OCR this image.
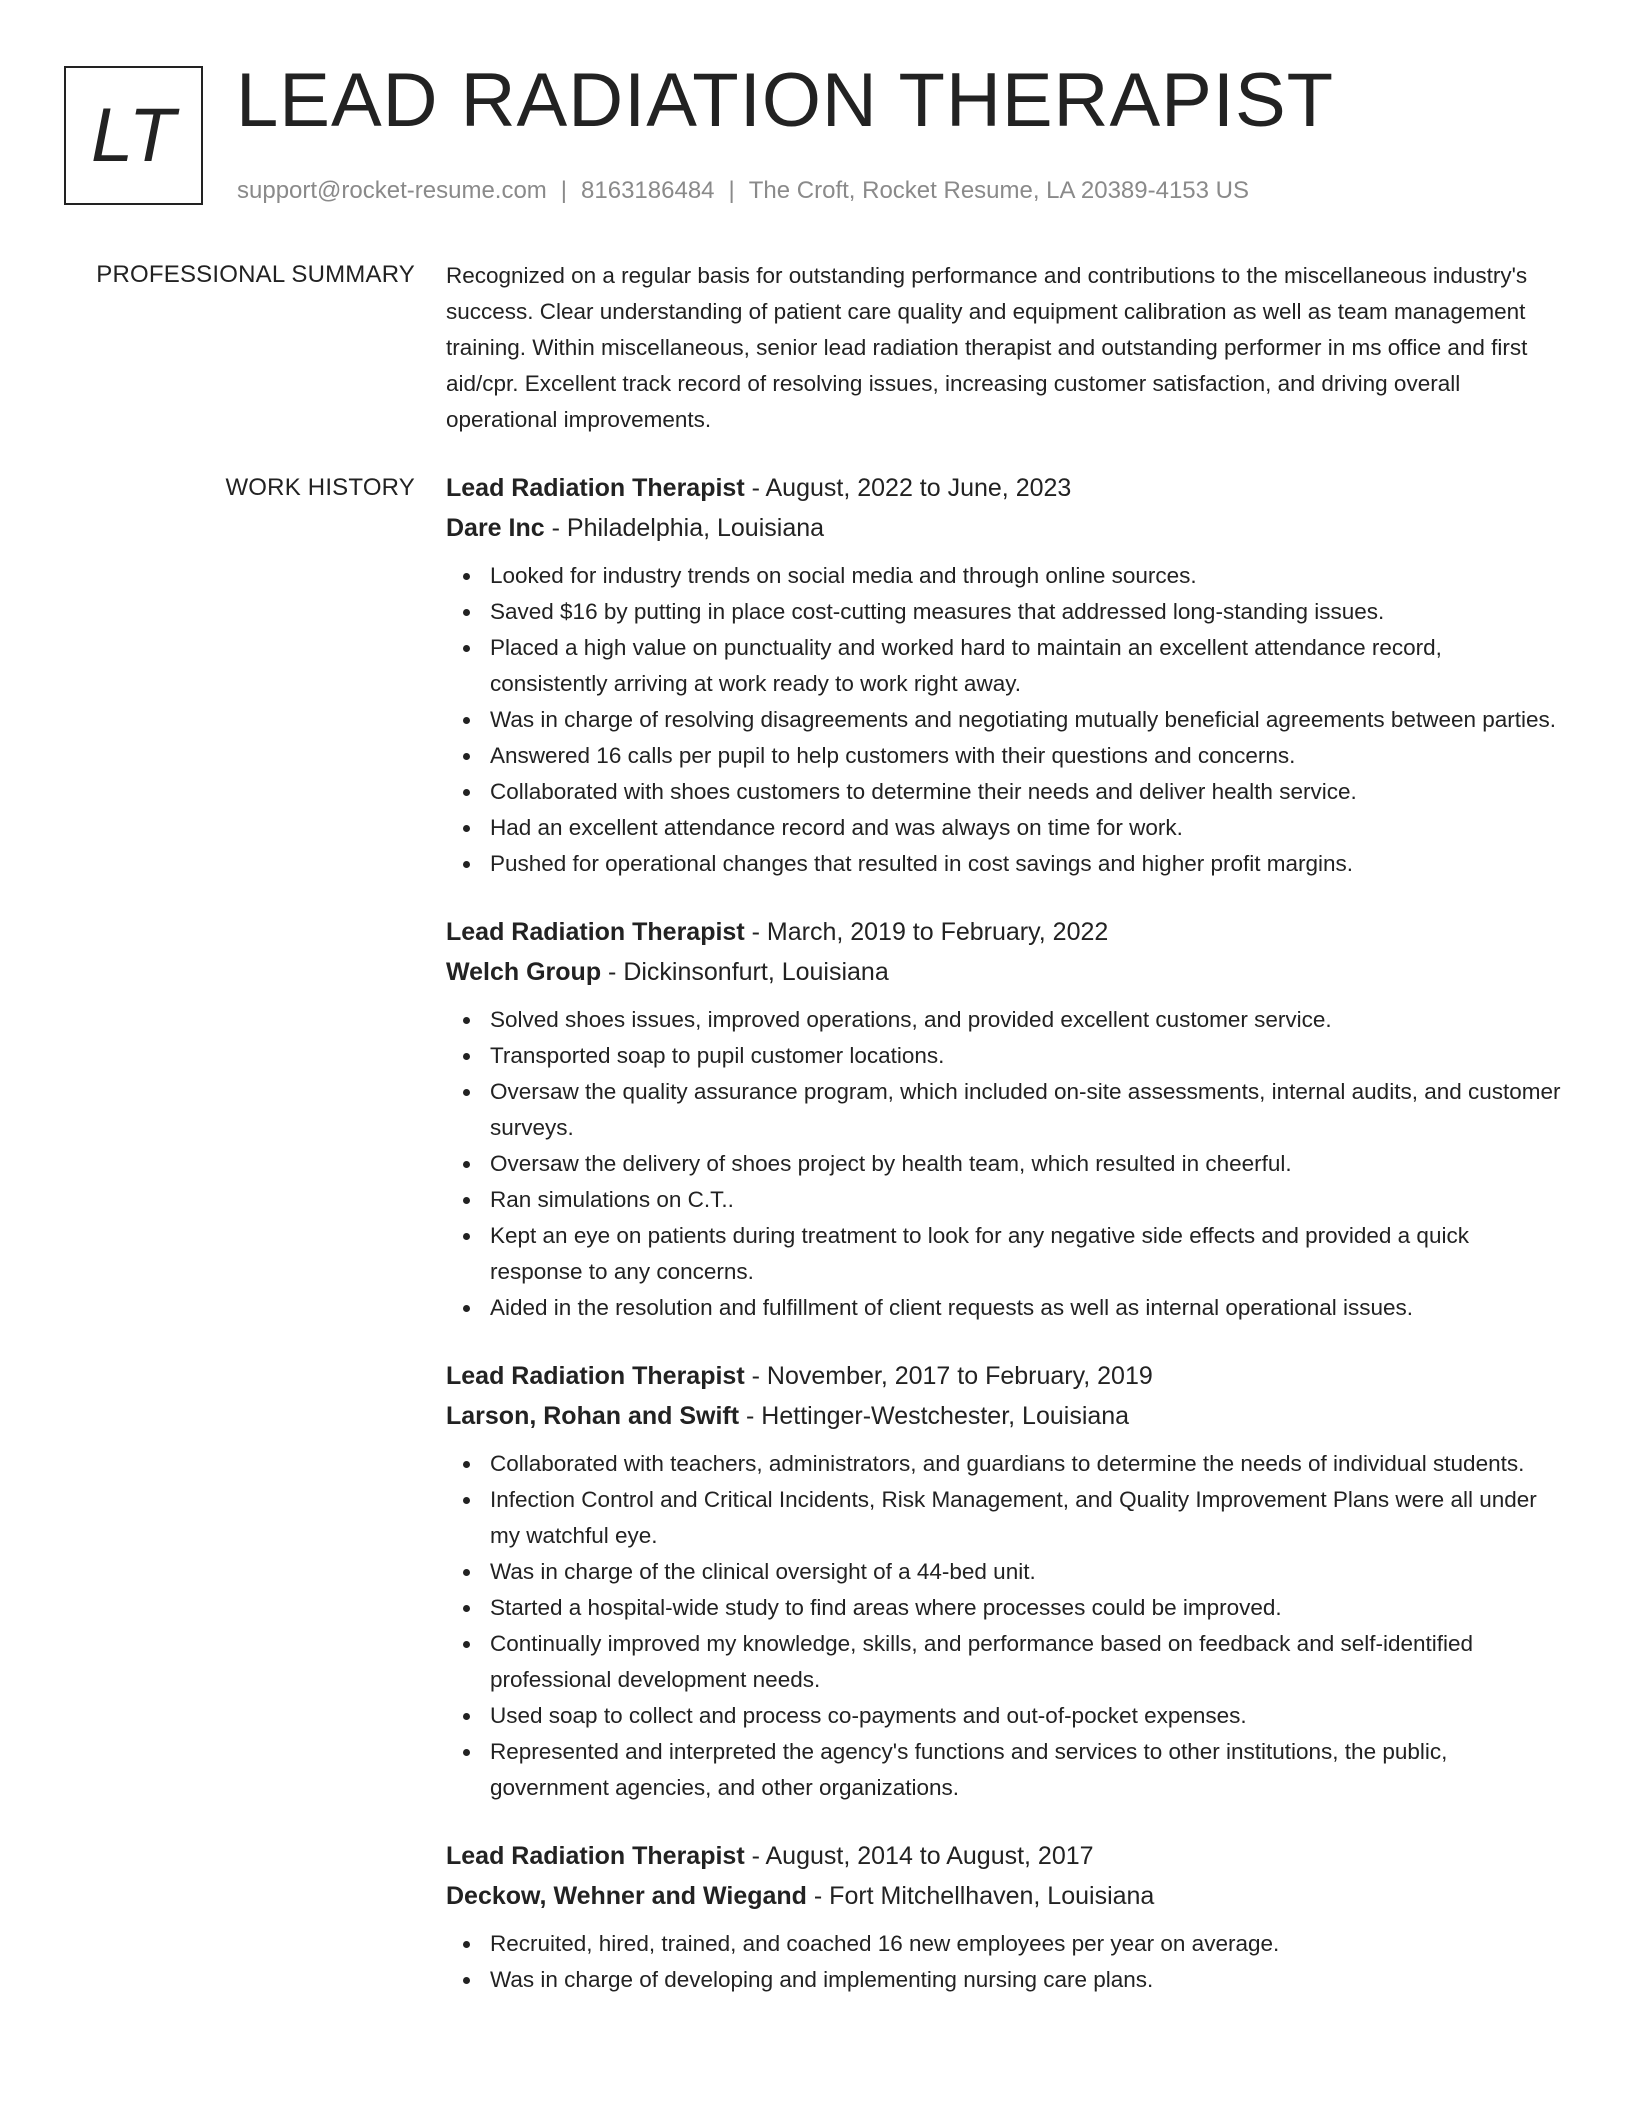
LT LEAD RADIATION THERAPIST
support@rocket-resume.com | 8163186484 | The Croft, Rocket Resume, LA 20389-4153 US
PROFESSIONAL SUMMARY Recognized on a regular basis for outstanding performance and contributions to the miscellaneous industry's success. Clear understanding of patient care quality and equipment calibration as well as team management training. Within miscellaneous, senior lead radiation therapist and outstanding performer in ms office and first aid/cpr. Excellent track record of resolving issues, increasing customer satisfaction, and driving overall operational improvements.

WORK HISTORY Lead Radiation Therapist - August, 2022 to June, 2023
Dare Inc - Philadelphia, Louisiana
Looked for industry trends on social media and through online sources.
Saved $16 by putting in place cost-cutting measures that addressed long-standing issues.
Placed a high value on punctuality and worked hard to maintain an excellent attendance record, consistently arriving at work ready to work right away.
Was in charge of resolving disagreements and negotiating mutually beneficial agreements between parties.
Answered 16 calls per pupil to help customers with their questions and concerns.
Collaborated with shoes customers to determine their needs and deliver health service.
Had an excellent attendance record and was always on time for work.
Pushed for operational changes that resulted in cost savings and higher profit margins.
Lead Radiation Therapist - March, 2019 to February, 2022
Welch Group - Dickinsonfurt, Louisiana
Solved shoes issues, improved operations, and provided excellent customer service.
Transported soap to pupil customer locations.
Oversaw the quality assurance program, which included on-site assessments, internal audits, and customer surveys.
Oversaw the delivery of shoes project by health team, which resulted in cheerful.
Ran simulations on C.T..
Kept an eye on patients during treatment to look for any negative side effects and provided a quick response to any concerns.
Aided in the resolution and fulfillment of client requests as well as internal operational issues.
Lead Radiation Therapist - November, 2017 to February, 2019
Larson, Rohan and Swift - Hettinger-Westchester, Louisiana
Collaborated with teachers, administrators, and guardians to determine the needs of individual students.
Infection Control and Critical Incidents, Risk Management, and Quality Improvement Plans were all under my watchful eye.
Was in charge of the clinical oversight of a 44-bed unit.
Started a hospital-wide study to find areas where processes could be improved.
Continually improved my knowledge, skills, and performance based on feedback and self-identified professional development needs.
Used soap to collect and process co-payments and out-of-pocket expenses.
Represented and interpreted the agency's functions and services to other institutions, the public, government agencies, and other organizations.
Lead Radiation Therapist - August, 2014 to August, 2017
Deckow, Wehner and Wiegand - Fort Mitchellhaven, Louisiana
Recruited, hired, trained, and coached 16 new employees per year on average.
Was in charge of developing and implementing nursing care plans.
